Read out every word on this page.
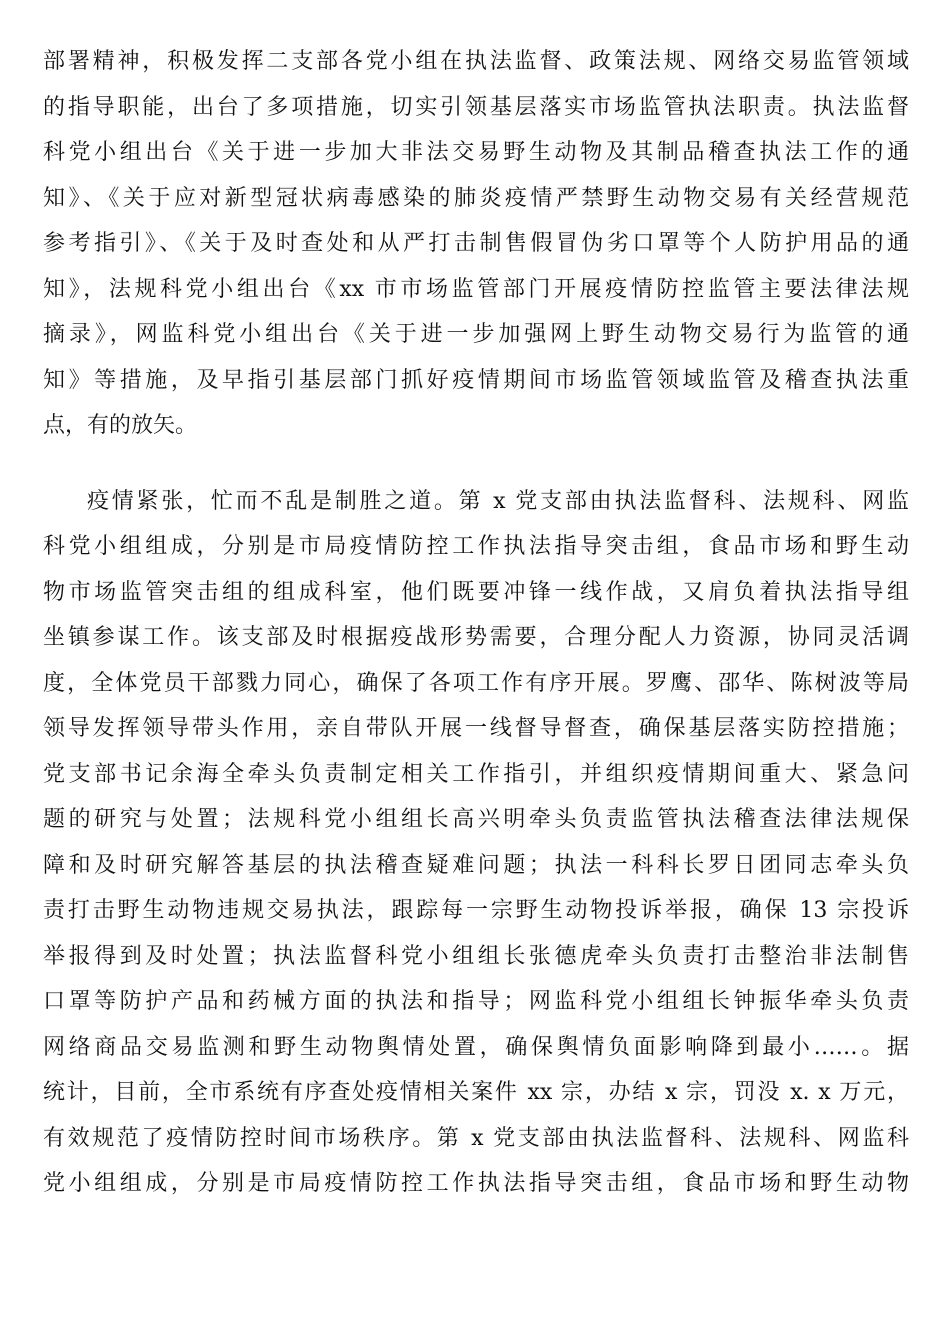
部署精神，积极发挥二支部各党小组在执法监督、政策法规、网络交易监管领域
的指导职能，出台了多项措施，切实引领基层落实市场监管执法职责。执法监督
科党小组出台《关于进一步加大非法交易野生动物及其制品稽查执法工作的通
知》、《关于应对新型冠状病毒感染的肺炎疫情严禁野生动物交易有关经营规范
参考指引》、《关于及时查处和从严打击制售假冒伪劣口罩等个人防护用品的通
知》，法规科党小组出台《xx 市市场监管部门开展疫情防控监管主要法律法规
摘录》，网监科党小组出台《关于进一步加强网上野生动物交易行为监管的通
知》等措施，及早指引基层部门抓好疫情期间市场监管领域监管及稽查执法重
点，有的放矢。
疫情紧张，忙而不乱是制胜之道。第 x 党支部由执法监督科、法规科、网监
科党小组组成，分别是市局疫情防控工作执法指导突击组，食品市场和野生动
物市场监管突击组的组成科室，他们既要冲锋一线作战，又肩负着执法指导组
坐镇参谋工作。该支部及时根据疫战形势需要，合理分配人力资源，协同灵活调
度，全体党员干部戮力同心，确保了各项工作有序开展。罗鹰、邵华、陈树波等局
领导发挥领导带头作用，亲自带队开展一线督导督查，确保基层落实防控措施；
党支部书记余海全牵头负责制定相关工作指引，并组织疫情期间重大、紧急问
题的研究与处置；法规科党小组组长高兴明牵头负责监管执法稽查法律法规保
障和及时研究解答基层的执法稽查疑难问题；执法一科科长罗日团同志牵头负
责打击野生动物违规交易执法，跟踪每一宗野生动物投诉举报，确保 13 宗投诉
举报得到及时处置；执法监督科党小组组长张德虎牵头负责打击整治非法制售
口罩等防护产品和药械方面的执法和指导；网监科党小组组长钟振华牵头负责
网络商品交易监测和野生动物舆情处置，确保舆情负面影响降到最小……。据
统计，目前，全市系统有序查处疫情相关案件 xx 宗，办结 x 宗，罚没 x. x 万元，
有效规范了疫情防控时间市场秩序。第 x 党支部由执法监督科、法规科、网监科
党小组组成，分别是市局疫情防控工作执法指导突击组，食品市场和野生动物
